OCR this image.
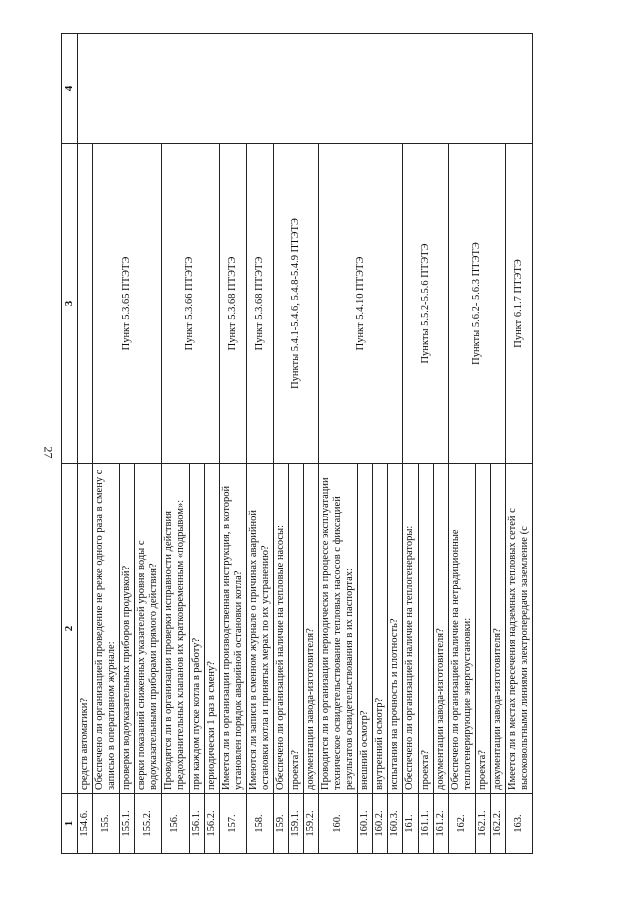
27
1	2	3	4
154.6.	средств автоматики?		
155.	Обеспечено ли организацией проведение не реже одного раза в смену с записью в оперативном журнале:	Пункт 5.3.65 ПТЭТЭ	
155.1.	проверки водоуказательных приборов продувкой?		
155.2.	сверки показаний сниженных указателей уровня воды с водоуказательными приборами прямого действия?		
156.	Проводятся ли в организации проверки исправности действия предохранительных клапанов их кратковременным «подрывом»:	Пункт 5.3.66 ПТЭТЭ	
156.1.	при каждом пуске котла в работу?		
156.2.	периодически 1 раз в смену?		
157.	Имеется ли в организации производственная инструкция, в которой установлен порядок аварийной остановки котла?	Пункт 5.3.68 ПТЭТЭ	
158.	Имеются ли записи в сменном журнале о причинах аварийной остановки котла и принятых мерах по их устранению?	Пункт 5.3.68 ПТЭТЭ	
159.	Обеспечено ли организацией наличие на тепловые насосы:	Пункты 5.4.1-5.4.6, 5.4.8-5.4.9 ПТЭТЭ	
159.1.	проекта?		
159.2.	документации завода-изготовителя?		
160.	Проводится ли в организации периодически в процессе эксплуатации техническое освидетельствование тепловых насосов с фиксацией результатов освидетельствования в их паспортах:	Пункт 5.4.10 ПТЭТЭ	
160.1.	внешний осмотр?		
160.2.	внутренний осмотр?		
160.3.	испытания на прочность и плотность?		
161.	Обеспечено ли организацией наличие на теплогенераторы:	Пункты 5.5.2-5.5.6 ПТЭТЭ	
161.1.	проекта?		
161.2.	документации завода-изготовителя?		
162.	Обеспечено ли организацией наличие на нетрадиционные теплогенерирующие энергоустановки:	Пункты 5.6.2- 5.6.3 ПТЭТЭ	
162.1.	проекта?		
162.2.	документации завода-изготовителя?		
163.	Имеется ли в местах пересечения надземных тепловых сетей с высоковольтными линиями электропередачи заземление (с	Пункт 6.1.7 ПТЭТЭ	
